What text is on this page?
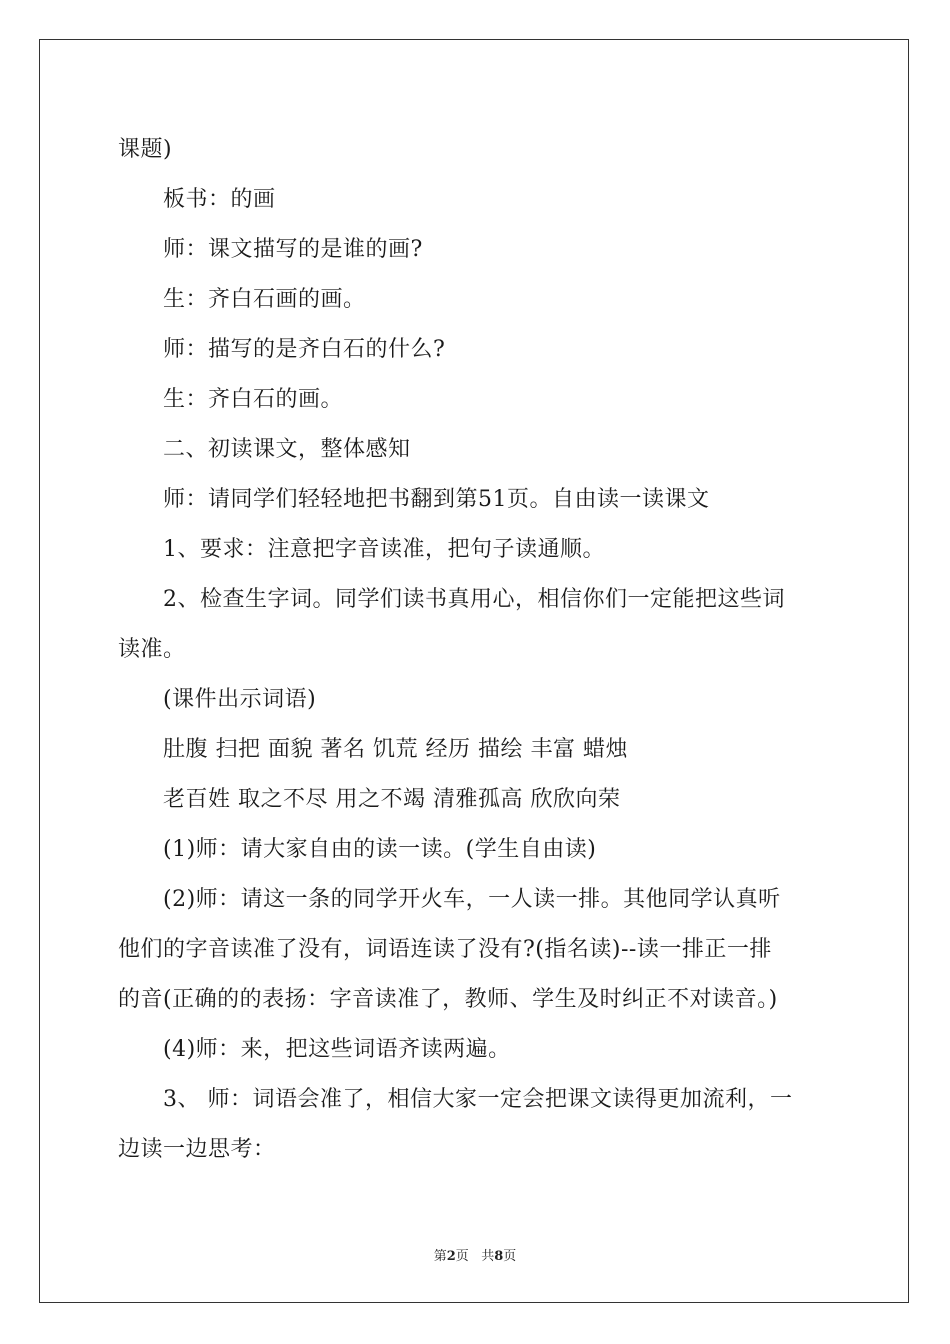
课题)
板书：的画
师：课文描写的是谁的画?
生：齐白石画的画。
师：描写的是齐白石的什么?
生：齐白石的画。
二、初读课文，整体感知
师：请同学们轻轻地把书翻到第51页。自由读一读课文
1、要求：注意把字音读准，把句子读通顺。
2、检查生字词。同学们读书真用心，相信你们一定能把这些词
读准。
(课件出示词语)
肚腹 扫把 面貌 著名 饥荒 经历 描绘 丰富 蜡烛
老百姓 取之不尽 用之不竭 清雅孤高 欣欣向荣
(1)师：请大家自由的读一读。(学生自由读)
(2)师：请这一条的同学开火车，一人读一排。其他同学认真听
他们的字音读准了没有，词语连读了没有?(指名读)--读一排正一排
的音(正确的的表扬：字音读准了，教师、学生及时纠正不对读音。)
(4)师：来，把这些词语齐读两遍。
3、 师：词语会准了，相信大家一定会把课文读得更加流利，一
边读一边思考：
第2页 共8页
